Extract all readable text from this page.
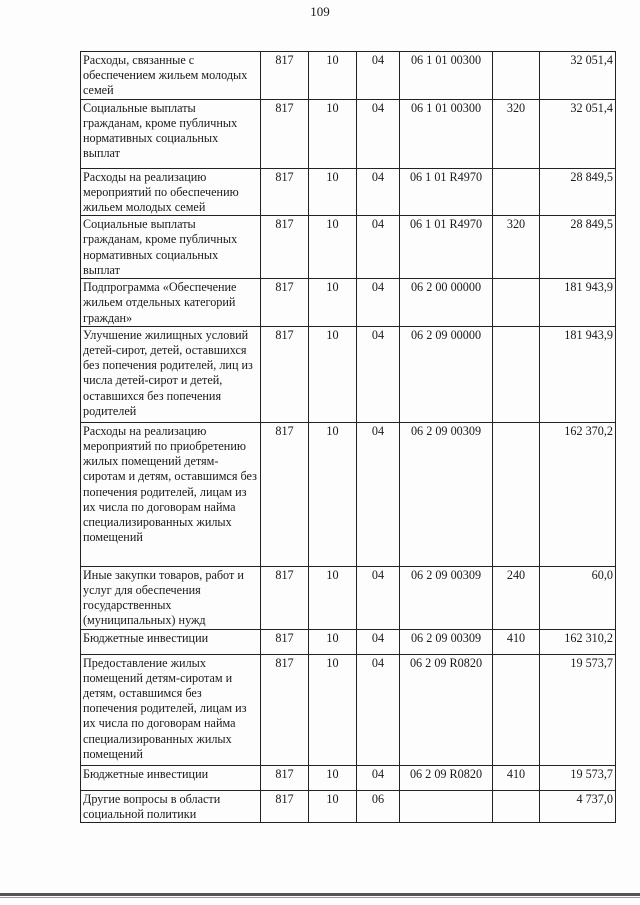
109
Расходы, связанные с обеспечением жильем молодых семей	817	10	04	06 1 01 00300		32 051,4
Социальные выплаты гражданам, кроме публичных нормативных социальных выплат	817	10	04	06 1 01 00300	320	32 051,4
Расходы на реализацию мероприятий по обеспечению жильем молодых семей	817	10	04	06 1 01 R4970		28 849,5
Социальные выплаты гражданам, кроме публичных нормативных социальных выплат	817	10	04	06 1 01 R4970	320	28 849,5
Подпрограмма «Обеспечение жильем отдельных категорий граждан»	817	10	04	06 2 00 00000		181 943,9
Улучшение жилищных условий детей-сирот, детей, оставшихся без попечения родителей, лиц из числа детей-сирот и детей, оставшихся без попечения родителей	817	10	04	06 2 09 00000		181 943,9
Расходы на реализацию мероприятий по приобретению жилых помещений детям-сиротам и детям, оставшимся без попечения родителей, лицам из их числа по договорам найма специализированных жилых помещений	817	10	04	06 2 09 00309		162 370,2
Иные закупки товаров, работ и услуг для обеспечения государственных (муниципальных) нужд	817	10	04	06 2 09 00309	240	60,0
Бюджетные инвестиции	817	10	04	06 2 09 00309	410	162 310,2
Предоставление жилых помещений детям-сиротам и детям, оставшимся без попечения родителей, лицам из их числа по договорам найма специализированных жилых помещений	817	10	04	06 2 09 R0820		19 573,7
Бюджетные инвестиции	817	10	04	06 2 09 R0820	410	19 573,7
Другие вопросы в области социальной политики	817	10	06			4 737,0
